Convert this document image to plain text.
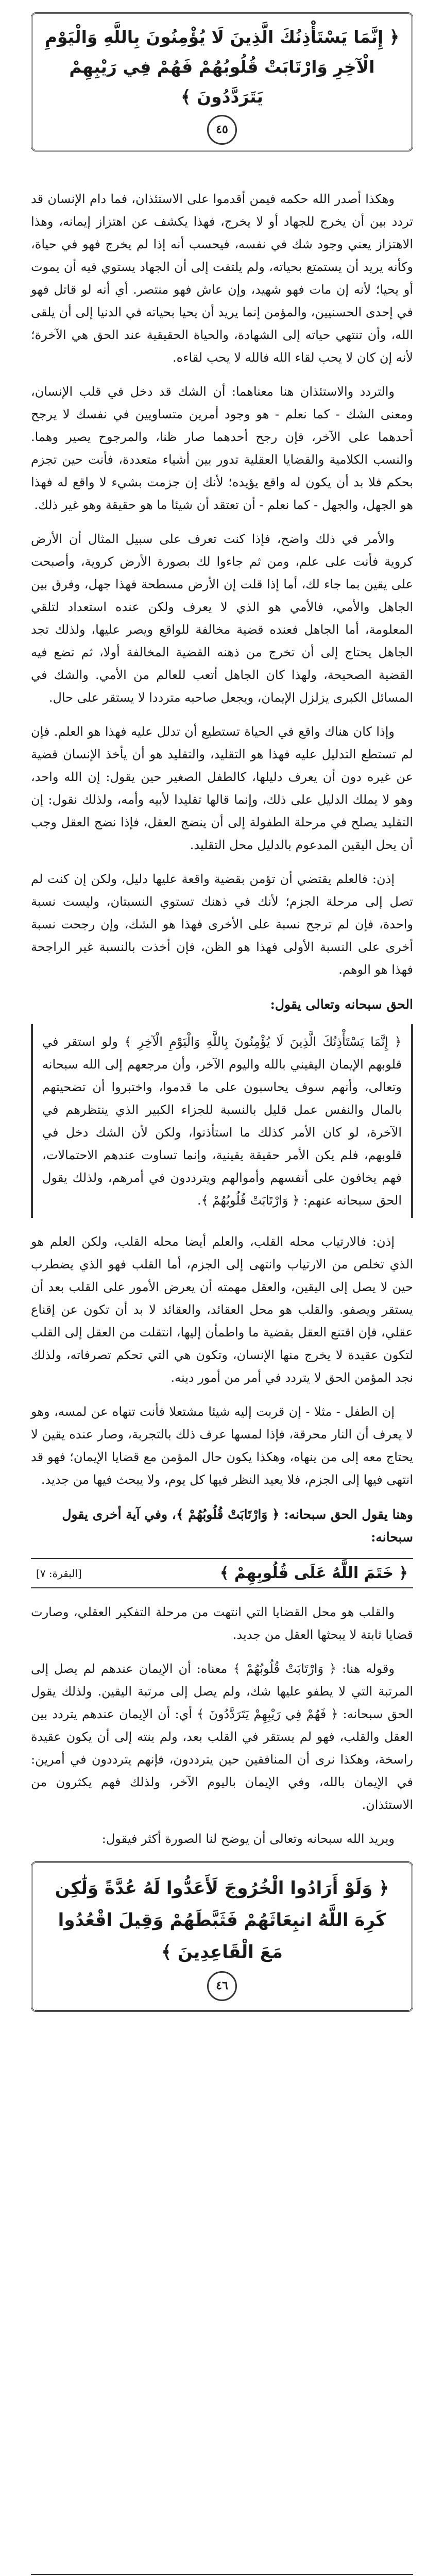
﴿ إِنَّمَا يَسْتَأْذِنُكَ الَّذِينَ لَا يُؤْمِنُونَ بِاللَّهِ وَالْيَوْمِ الْآخِرِ وَارْتَابَتْ قُلُوبُهُمْ فَهُمْ فِي رَيْبِهِمْ يَتَرَدَّدُونَ ﴾
٤٥

وهكذا أصدر الله حكمه فيمن أقدموا على الاستئذان، فما دام الإنسان قد تردد بين أن يخرج للجهاد أو لا يخرج، فهذا يكشف عن اهتزاز إيمانه، وهذا الاهتزاز يعني وجود شك في نفسه، فيحسب أنه إذا لم يخرج فهو في حياة، وكأنه يريد أن يستمتع بحياته، ولم يلتفت إلى أن الجهاد يستوي فيه أن يموت أو يحيا؛ لأنه إن مات فهو شهيد، وإن عاش فهو منتصر. أي أنه لو قاتل فهو في إحدى الحسنيين، والمؤمن إنما يريد أن يحيا بحياته في الدنيا إلى أن يلقى الله، وأن تنتهي حياته إلى الشهادة، والحياة الحقيقية عند الحق هي الآخرة؛ لأنه إن كان لا يحب لقاء الله فالله لا يحب لقاءه.

والتردد والاستئذان هنا معناهما: أن الشك قد دخل في قلب الإنسان، ومعنى الشك - كما نعلم - هو وجود أمرين متساويين في نفسك لا يرجح أحدهما على الآخر، فإن رجح أحدهما صار ظنا، والمرجوح يصير وهما. والنسب الكلامية والقضايا العقلية تدور بين أشياء متعددة، فأنت حين تجزم بحكم فلا بد أن يكون له واقع يؤيده؛ لأنك إن جزمت بشيء لا واقع له فهذا هو الجهل، والجهل - كما نعلم - أن تعتقد أن شيئا ما هو حقيقة وهو غير ذلك.

والأمر في ذلك واضح، فإذا كنت تعرف على سبيل المثال أن الأرض كروية فأنت على علم، ومن ثم جاءوا لك بصورة الأرض كروية، وأصبحت على يقين بما جاء لك، أما إذا قلت إن الأرض مسطحة فهذا جهل، وفرق بين الجاهل والأمي، فالأمي هو الذي لا يعرف ولكن عنده استعداد لتلقي المعلومة، أما الجاهل فعنده قضية مخالفة للواقع ويصر عليها، ولذلك تجد الجاهل يحتاج إلى أن تخرج من ذهنه القضية المخالفة أولا، ثم تضع فيه القضية الصحيحة، ولهذا كان الجاهل أتعب للعالم من الأمي. والشك في المسائل الكبرى يزلزل الإيمان، ويجعل صاحبه مترددا لا يستقر على حال.

وإذا كان هناك واقع في الحياة تستطيع أن تدلل عليه فهذا هو العلم. فإن لم تستطع التدليل عليه فهذا هو التقليد، والتقليد هو أن يأخذ الإنسان قضية عن غيره دون أن يعرف دليلها، كالطفل الصغير حين يقول: إن الله واحد، وهو لا يملك الدليل على ذلك، وإنما قالها تقليدا لأبيه وأمه، ولذلك نقول: إن التقليد يصلح في مرحلة الطفولة إلى أن ينضج العقل، فإذا نضج العقل وجب أن يحل اليقين المدعوم بالدليل محل التقليد.

إذن: فالعلم يقتضي أن تؤمن بقضية واقعة عليها دليل، ولكن إن كنت لم تصل إلى مرحلة الجزم؛ لأنك في ذهنك تستوي النسبتان، وليست نسبة واحدة، فإن لم ترجح نسبة على الأخرى فهذا هو الشك، وإن رجحت نسبة أخرى على النسبة الأولى فهذا هو الظن، فإن أخذت بالنسبة غير الراجحة فهذا هو الوهم.

الحق سبحانه وتعالى يقول:
﴿ إِنَّمَا يَسْتَأْذِنُكَ الَّذِينَ لَا يُؤْمِنُونَ بِاللَّهِ وَالْيَوْمِ الْآخِرِ ﴾ ولو استقر في قلوبهم الإيمان اليقيني بالله واليوم الآخر، وأن مرجعهم إلى الله سبحانه وتعالى، وأنهم سوف يحاسبون على ما قدموا، واختبروا أن تضحيتهم بالمال والنفس عمل قليل بالنسبة للجزاء الكبير الذي ينتظرهم في الآخرة، لو كان الأمر كذلك ما استأذنوا، ولكن لأن الشك دخل في قلوبهم، فلم يكن الأمر حقيقة يقينية، وإنما تساوت عندهم الاحتمالات، فهم يخافون على أنفسهم وأموالهم ويترددون في أمرهم، ولذلك يقول الحق سبحانه عنهم: ﴿ وَارْتَابَتْ قُلُوبُهُمْ ﴾.

إذن: فالارتياب محله القلب، والعلم أيضا محله القلب، ولكن العلم هو الذي تخلص من الارتياب وانتهى إلى الجزم، أما القلب فهو الذي يضطرب حين لا يصل إلى اليقين، والعقل مهمته أن يعرض الأمور على القلب بعد أن يستقر ويصفو. والقلب هو محل العقائد، والعقائد لا بد أن تكون عن إقناع عقلي، فإن اقتنع العقل بقضية ما واطمأن إليها، انتقلت من العقل إلى القلب لتكون عقيدة لا يخرج منها الإنسان، وتكون هي التي تحكم تصرفاته، ولذلك نجد المؤمن الحق لا يتردد في أمر من أمور دينه.

إن الطفل - مثلا - إن قربت إليه شيئا مشتعلا فأنت تنهاه عن لمسه، وهو لا يعرف أن النار محرقة، فإذا لمسها عرف ذلك بالتجربة، وصار عنده يقين لا يحتاج معه إلى من ينهاه، وهكذا يكون حال المؤمن مع قضايا الإيمان؛ فهو قد انتهى فيها إلى الجزم، فلا يعيد النظر فيها كل يوم، ولا يبحث فيها من جديد.

وهنا يقول الحق سبحانه: ﴿ وَارْتَابَتْ قُلُوبُهُمْ ﴾، وفي آية أخرى يقول سبحانه:
﴿ خَتَمَ اللَّهُ عَلَى قُلُوبِهِمْ ﴾
[البقرة: ٧]

والقلب هو محل القضايا التي انتهت من مرحلة التفكير العقلي، وصارت قضايا ثابتة لا يبحثها العقل من جديد.

وقوله هنا: ﴿ وَارْتَابَتْ قُلُوبُهُمْ ﴾ معناه: أن الإيمان عندهم لم يصل إلى المرتبة التي لا يطفو عليها شك، ولم يصل إلى مرتبة اليقين. ولذلك يقول الحق سبحانه: ﴿ فَهُمْ فِي رَيْبِهِمْ يَتَرَدَّدُونَ ﴾ أي: أن الإيمان عندهم يتردد بين العقل والقلب، فهو لم يستقر في القلب بعد، ولم ينته إلى أن يكون عقيدة راسخة، وهكذا نرى أن المنافقين حين يترددون، فإنهم يترددون في أمرين: في الإيمان بالله، وفي الإيمان باليوم الآخر، ولذلك فهم يكثرون من الاستئذان.

ويريد الله سبحانه وتعالى أن يوضح لنا الصورة أكثر فيقول:

﴿ وَلَوْ أَرَادُوا الْخُرُوجَ لَأَعَدُّوا لَهُ عُدَّةً وَلَٰكِن كَرِهَ اللَّهُ انبِعَاثَهُمْ فَثَبَّطَهُمْ وَقِيلَ اقْعُدُوا مَعَ الْقَاعِدِينَ ﴾
٤٦
